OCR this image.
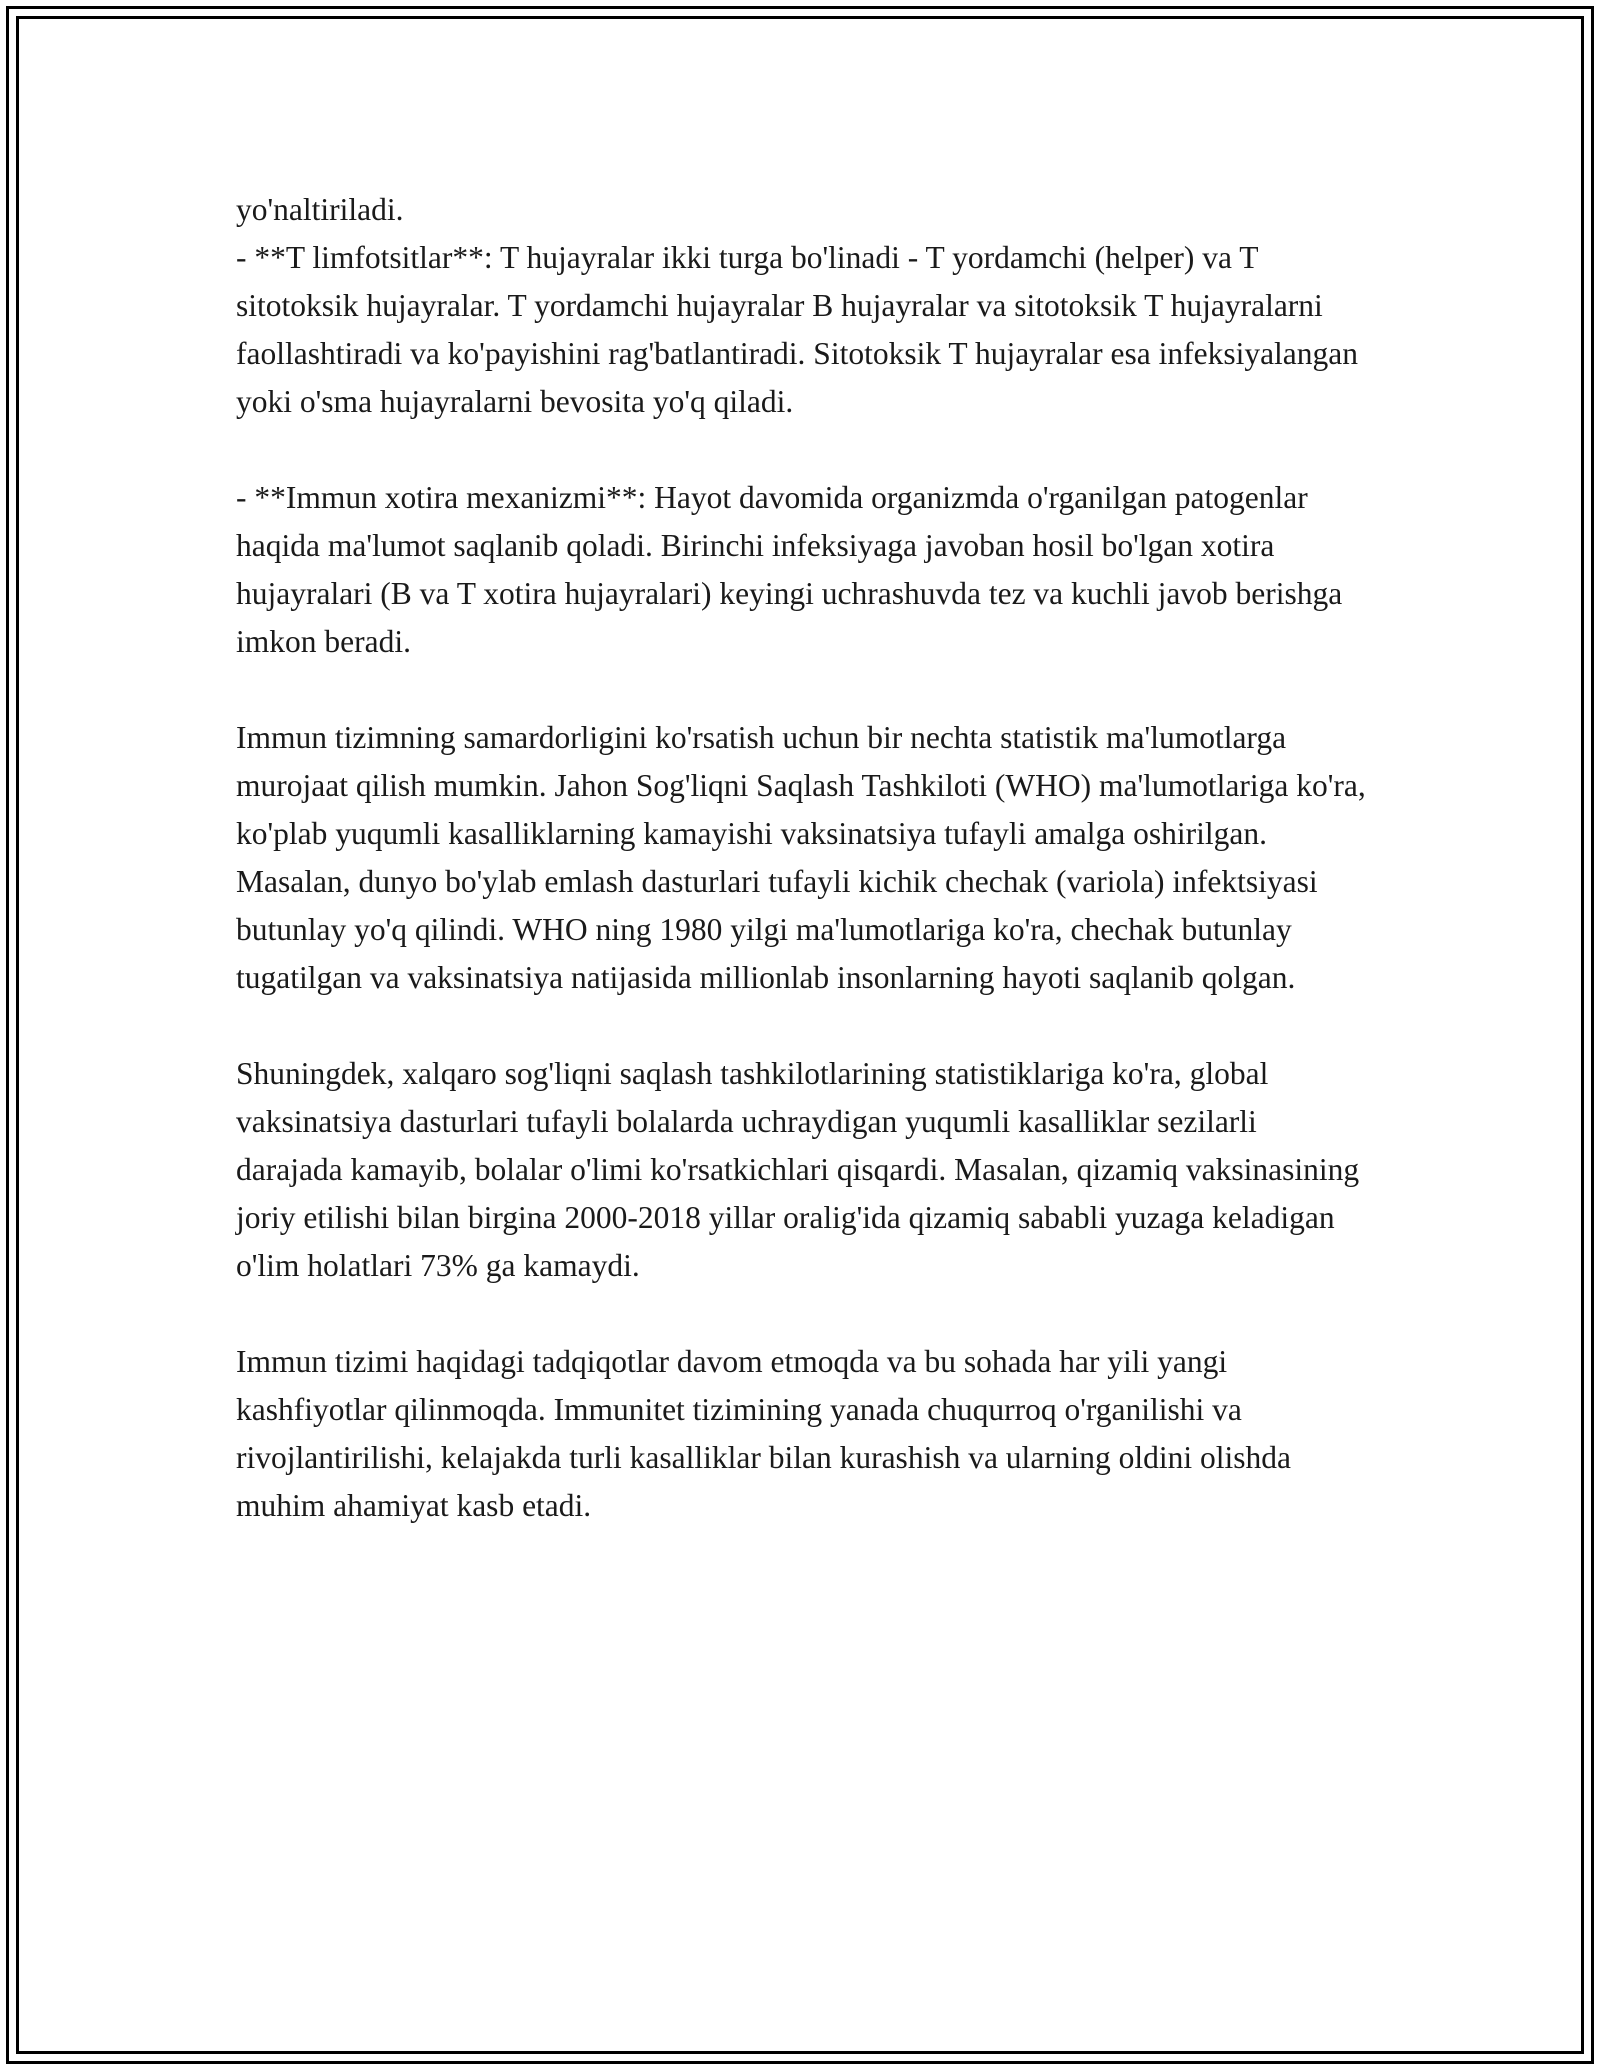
yo'naltiriladi.
- **T limfotsitlar**: T hujayralar ikki turga bo'linadi - T yordamchi (helper) va T sitotoksik hujayralar. T yordamchi hujayralar B hujayralar va sitotoksik T hujayralarni faollashtiradi va ko'payishini rag'batlantiradi. Sitotoksik T hujayralar esa infeksiyalangan yoki o'sma hujayralarni bevosita yo'q qiladi.

- **Immun xotira mexanizmi**: Hayot davomida organizmda o'rganilgan patogenlar haqida ma'lumot saqlanib qoladi. Birinchi infeksiyaga javoban hosil bo'lgan xotira hujayralari (B va T xotira hujayralari) keyingi uchrashuvda tez va kuchli javob berishga imkon beradi.

Immun tizimning samardorligini ko'rsatish uchun bir nechta statistik ma'lumotlarga murojaat qilish mumkin. Jahon Sog'liqni Saqlash Tashkiloti (WHO) ma'lumotlariga ko'ra, ko'plab yuqumli kasalliklarning kamayishi vaksinatsiya tufayli amalga oshirilgan. Masalan, dunyo bo'ylab emlash dasturlari tufayli kichik chechak (variola) infektsiyasi butunlay yo'q qilindi. WHO ning 1980 yilgi ma'lumotlariga ko'ra, chechak butunlay tugatilgan va vaksinatsiya natijasida millionlab insonlarning hayoti saqlanib qolgan.

Shuningdek, xalqaro sog'liqni saqlash tashkilotlarining statistiklariga ko'ra, global vaksinatsiya dasturlari tufayli bolalarda uchraydigan yuqumli kasalliklar sezilarli darajada kamayib, bolalar o'limi ko'rsatkichlari qisqardi. Masalan, qizamiq vaksinasining joriy etilishi bilan birgina 2000-2018 yillar oralig'ida qizamiq sababli yuzaga keladigan o'lim holatlari 73% ga kamaydi.

Immun tizimi haqidagi tadqiqotlar davom etmoqda va bu sohada har yili yangi kashfiyotlar qilinmoqda. Immunitet tizimining yanada chuqurroq o'rganilishi va rivojlantirilishi, kelajakda turli kasalliklar bilan kurashish va ularning oldini olishda muhim ahamiyat kasb etadi.
